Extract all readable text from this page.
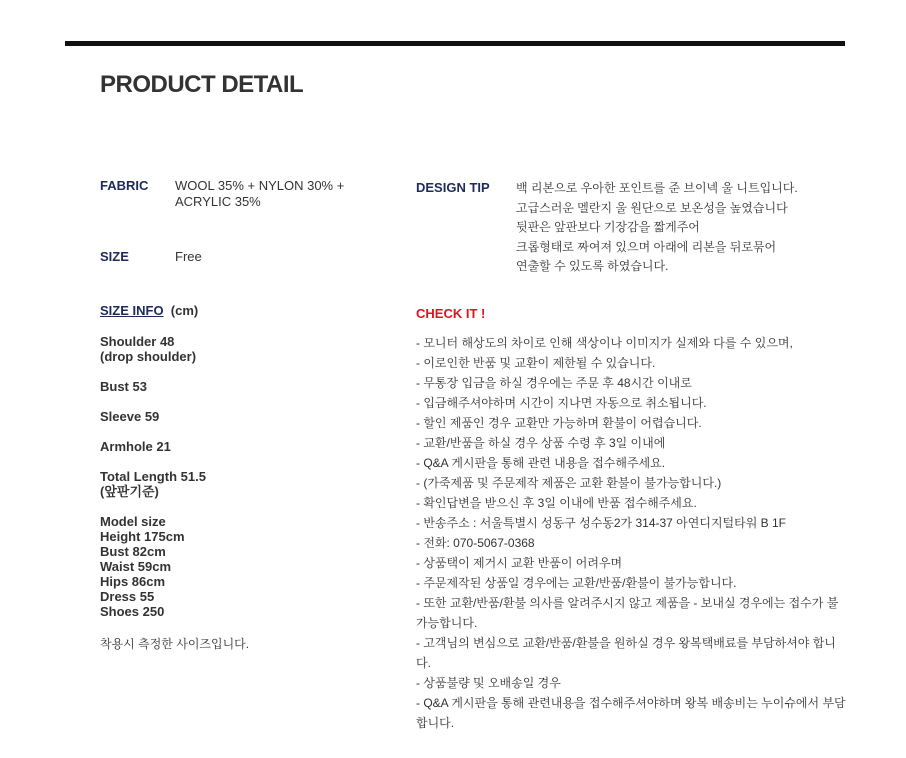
PRODUCT DETAIL
FABRIC WOOL 35% + NYLON 30% +
ACRYLIC 35%
SIZE	Free
SIZE INFO (cm)
Shoulder 48
(drop shoulder)
Bust 53
Sleeve 59
Armhole 21
Total Length 51.5
(앞판기준)
Model size
Height 175cm
Bust 82cm
Waist 59cm
Hips 86cm
Dress 55
Shoes 250
착용시 측정한 사이즈입니다.
DESIGN TIP 백 리본으로 우아한 포인트를 준 브이넥 울 니트입니다.
고급스러운 멜란지 울 원단으로 보온성을 높였습니다
뒷판은 앞판보다 기장감을 짧게주어
크롭형태로 짜여져 있으며 아래에 리본을 뒤로묶어
연출할 수 있도록 하였습니다.
CHECK IT !
- 모니터 해상도의 차이로 인해 색상이나 이미지가 실제와 다를 수 있으며,
- 이로인한 반품 및 교환이 제한될 수 있습니다.
- 무통장 입금을 하실 경우에는 주문 후 48시간 이내로
- 입금해주셔야하며 시간이 지나면 자동으로 취소됩니다.
- 할인 제품인 경우 교환만 가능하며 환불이 어렵습니다.
- 교환/반품을 하실 경우 상품 수령 후 3일 이내에
- Q&A 게시판을 통해 관련 내용을 접수해주세요.
- (가죽제품 및 주문제작 제품은 교환 환불이 불가능합니다.)
- 확인답변을 받으신 후 3일 이내에 반품 접수해주세요.
- 반송주소 : 서울특별시 성동구 성수동2가 314-37 아연디지털타워 B 1F
- 전화: 070-5067-0368
- 상품택이 제거시 교환 반품이 어려우며
- 주문제작된 상품일 경우에는 교환/반품/환불이 불가능합니다.
- 또한 교환/반품/환불 의사를 알려주시지 않고 제품을 - 보내실 경우에는 접수가 불가능합니다.
- 고객님의 변심으로 교환/반품/환불을 원하실 경우 왕복택배료를 부담하셔야 합니다.
- 상품불량 및 오배송일 경우
- Q&A 게시판을 통해 관련내용을 접수해주셔야하며 왕복 배송비는 누이슈에서 부담합니다.
